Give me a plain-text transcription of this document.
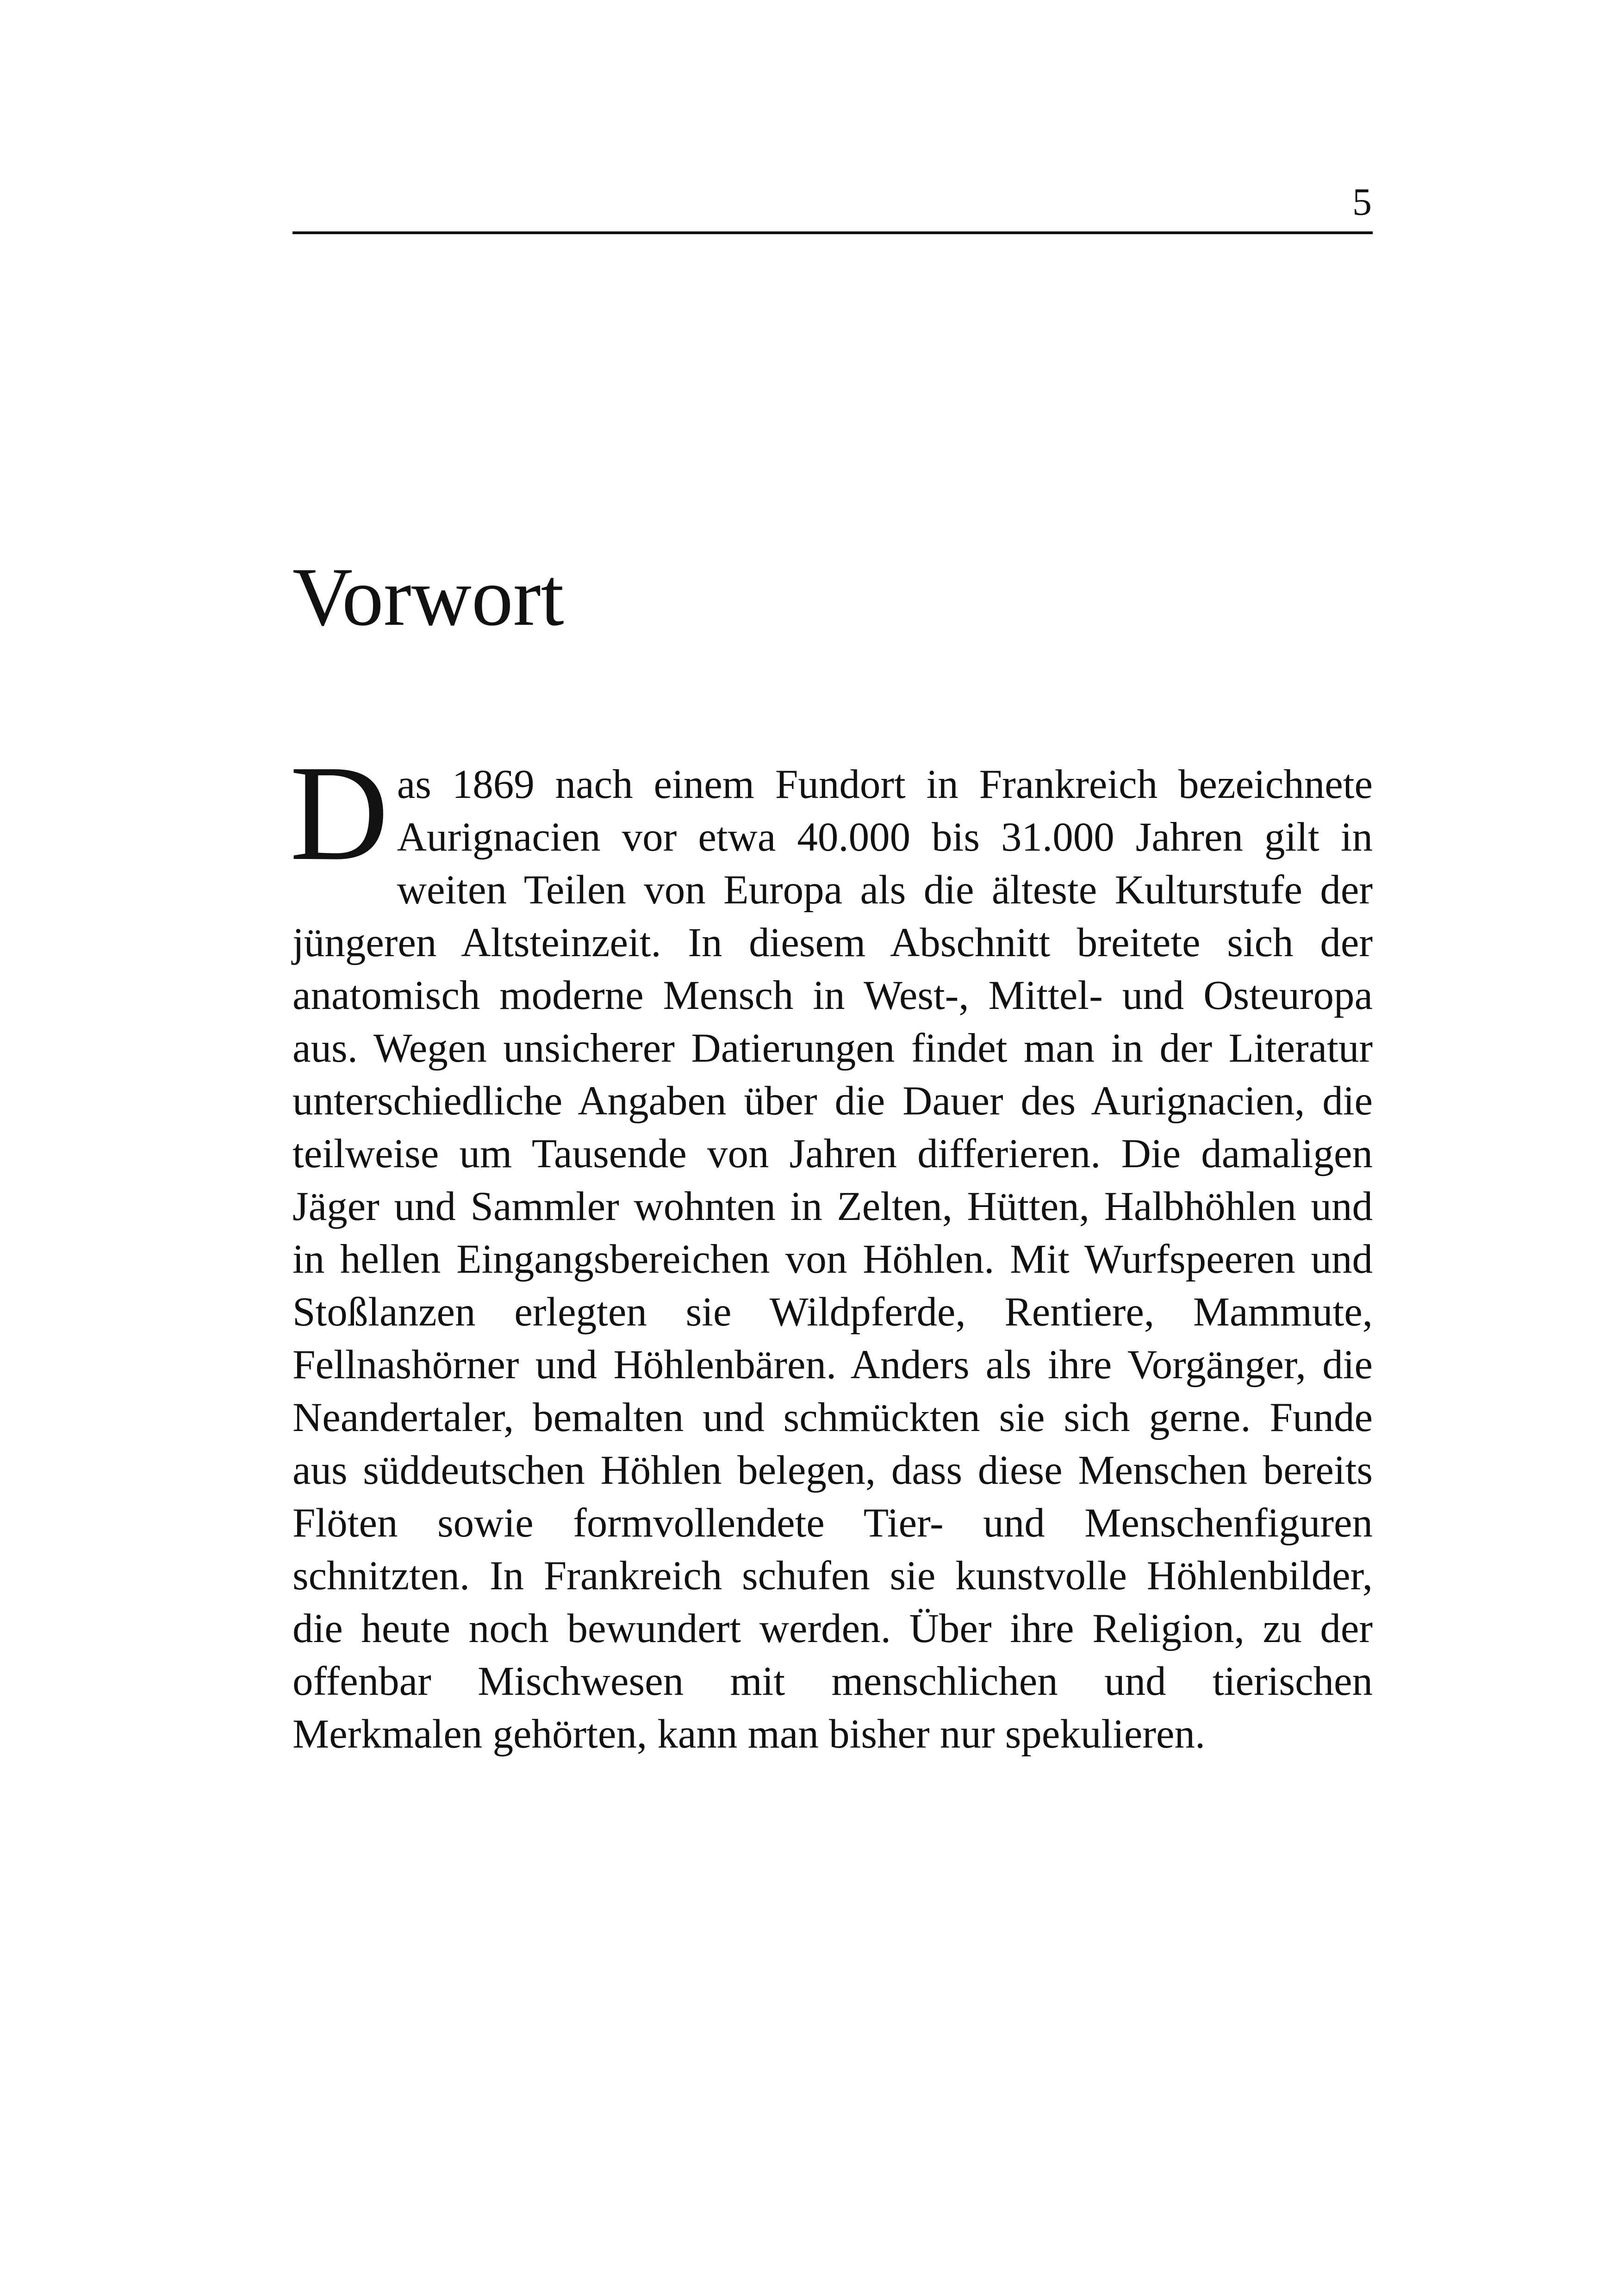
5
Vorwort

Das 1869 nach einem Fundort in Frankreich bezeichnete Aurignacien vor etwa 40.000 bis 31.000 Jahren gilt in weiten Teilen von Europa als die älteste Kulturstufe der jüngeren Altsteinzeit. In diesem Abschnitt breitete sich der anatomisch moderne Mensch in West-, Mittel- und Osteuropa aus. Wegen unsicherer Datierungen findet man in der Literatur unterschiedliche Angaben über die Dauer des Aurignacien, die teilweise um Tausende von Jahren differieren. Die damaligen Jäger und Sammler wohnten in Zelten, Hütten, Halbhöhlen und in hellen Eingangsbereichen von Höhlen. Mit Wurfspeeren und Stoßlanzen erlegten sie Wildpferde, Rentiere, Mammute, Fellnashörner und Höhlenbären. Anders als ihre Vorgänger, die Neandertaler, bemalten und schmückten sie sich gerne. Funde aus süddeutschen Höhlen belegen, dass diese Menschen bereits Flöten sowie formvollendete Tier- und Menschenfiguren schnitzten. In Frankreich schufen sie kunstvolle Höhlenbilder, die heute noch bewundert werden. Über ihre Religion, zu der offenbar Mischwesen mit menschlichen und tierischen Merkmalen gehörten, kann man bisher nur spekulieren.
